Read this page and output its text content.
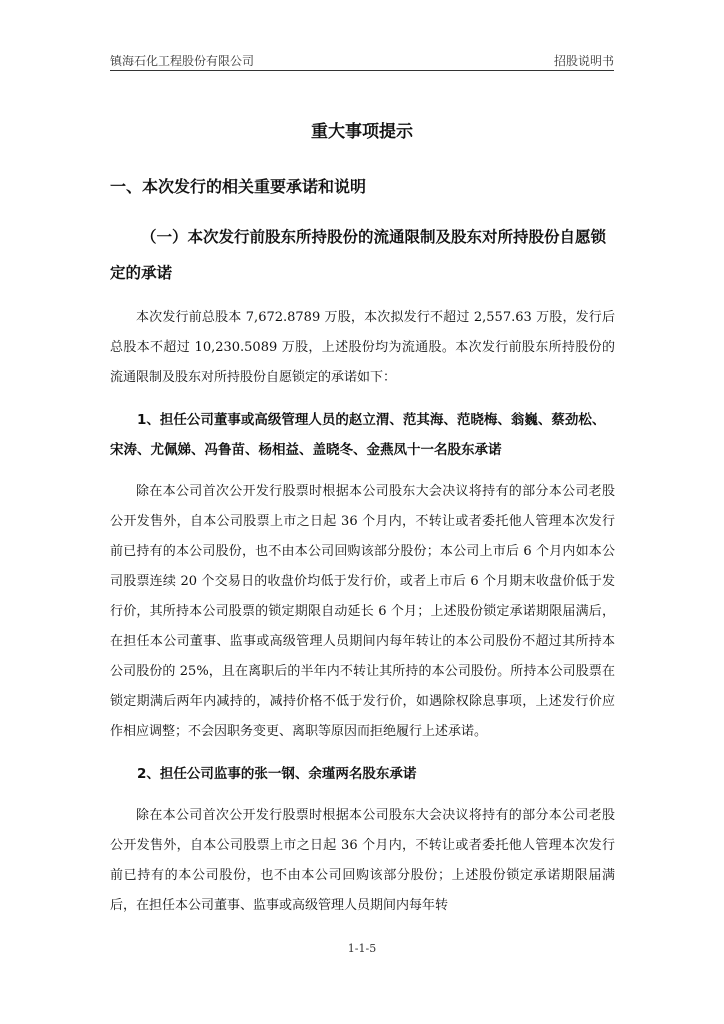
镇海石化工程股份有限公司	招股说明书
重大事项提示
一、本次发行的相关重要承诺和说明
（一）本次发行前股东所持股份的流通限制及股东对所持股份自愿锁定的承诺
本次发行前总股本 7,672.8789 万股，本次拟发行不超过 2,557.63 万股，发行后总股本不超过 10,230.5089 万股，上述股份均为流通股。本次发行前股东所持股份的流通限制及股东对所持股份自愿锁定的承诺如下：
1、担任公司董事或高级管理人员的赵立渭、范其海、范晓梅、翁巍、蔡劲松、宋涛、尤佩娣、冯鲁苗、杨相益、盖晓冬、金燕凤十一名股东承诺
除在本公司首次公开发行股票时根据本公司股东大会决议将持有的部分本公司老股公开发售外，自本公司股票上市之日起 36 个月内，不转让或者委托他人管理本次发行前已持有的本公司股份，也不由本公司回购该部分股份；本公司上市后 6 个月内如本公司股票连续 20 个交易日的收盘价均低于发行价，或者上市后 6 个月期末收盘价低于发行价，其所持本公司股票的锁定期限自动延长 6 个月；上述股份锁定承诺期限届满后，在担任本公司董事、监事或高级管理人员期间内每年转让的本公司股份不超过其所持本公司股份的 25%，且在离职后的半年内不转让其所持的本公司股份。所持本公司股票在锁定期满后两年内减持的，减持价格不低于发行价，如遇除权除息事项，上述发行价应作相应调整；不会因职务变更、离职等原因而拒绝履行上述承诺。
2、担任公司监事的张一钢、余瑾两名股东承诺
除在本公司首次公开发行股票时根据本公司股东大会决议将持有的部分本公司老股公开发售外，自本公司股票上市之日起 36 个月内，不转让或者委托他人管理本次发行前已持有的本公司股份，也不由本公司回购该部分股份；上述股份锁定承诺期限届满后，在担任本公司董事、监事或高级管理人员期间内每年转
1-1-5
